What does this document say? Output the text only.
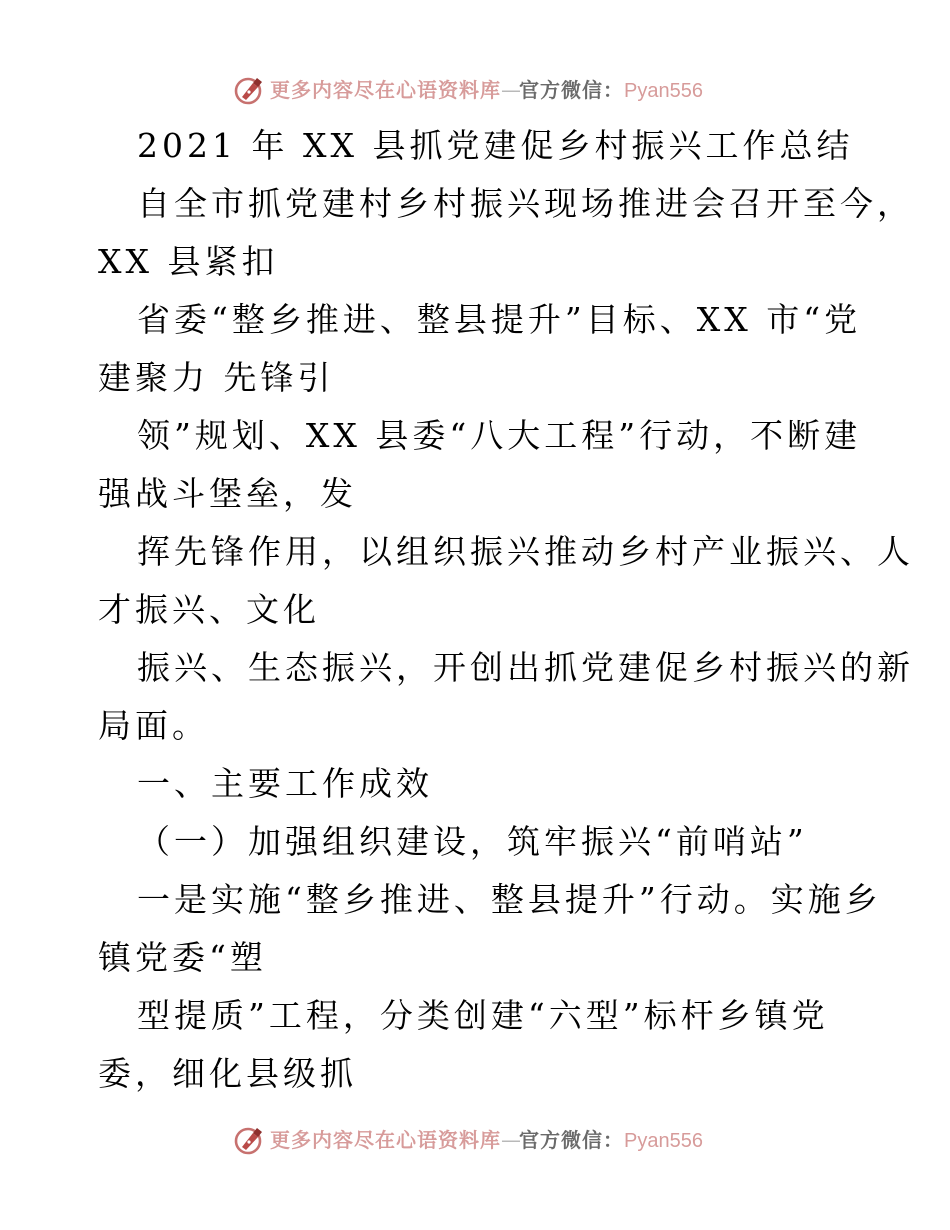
更多内容尽在心语资料库—官方微信：Pyan556
2021 年 XX 县抓党建促乡村振兴工作总结
自全市抓党建村乡村振兴现场推进会召开至今，
XX 县紧扣
省委“整乡推进、整县提升”目标、XX 市“党
建聚力 先锋引
领”规划、XX 县委“八大工程”行动，不断建
强战斗堡垒，发
挥先锋作用，以组织振兴推动乡村产业振兴、人
才振兴、文化
振兴、生态振兴，开创出抓党建促乡村振兴的新
局面。
一、主要工作成效
（一）加强组织建设，筑牢振兴“前哨站”
一是实施“整乡推进、整县提升”行动。实施乡
镇党委“塑
型提质”工程，分类创建“六型”标杆乡镇党
委，细化县级抓
更多内容尽在心语资料库—官方微信：Pyan556
